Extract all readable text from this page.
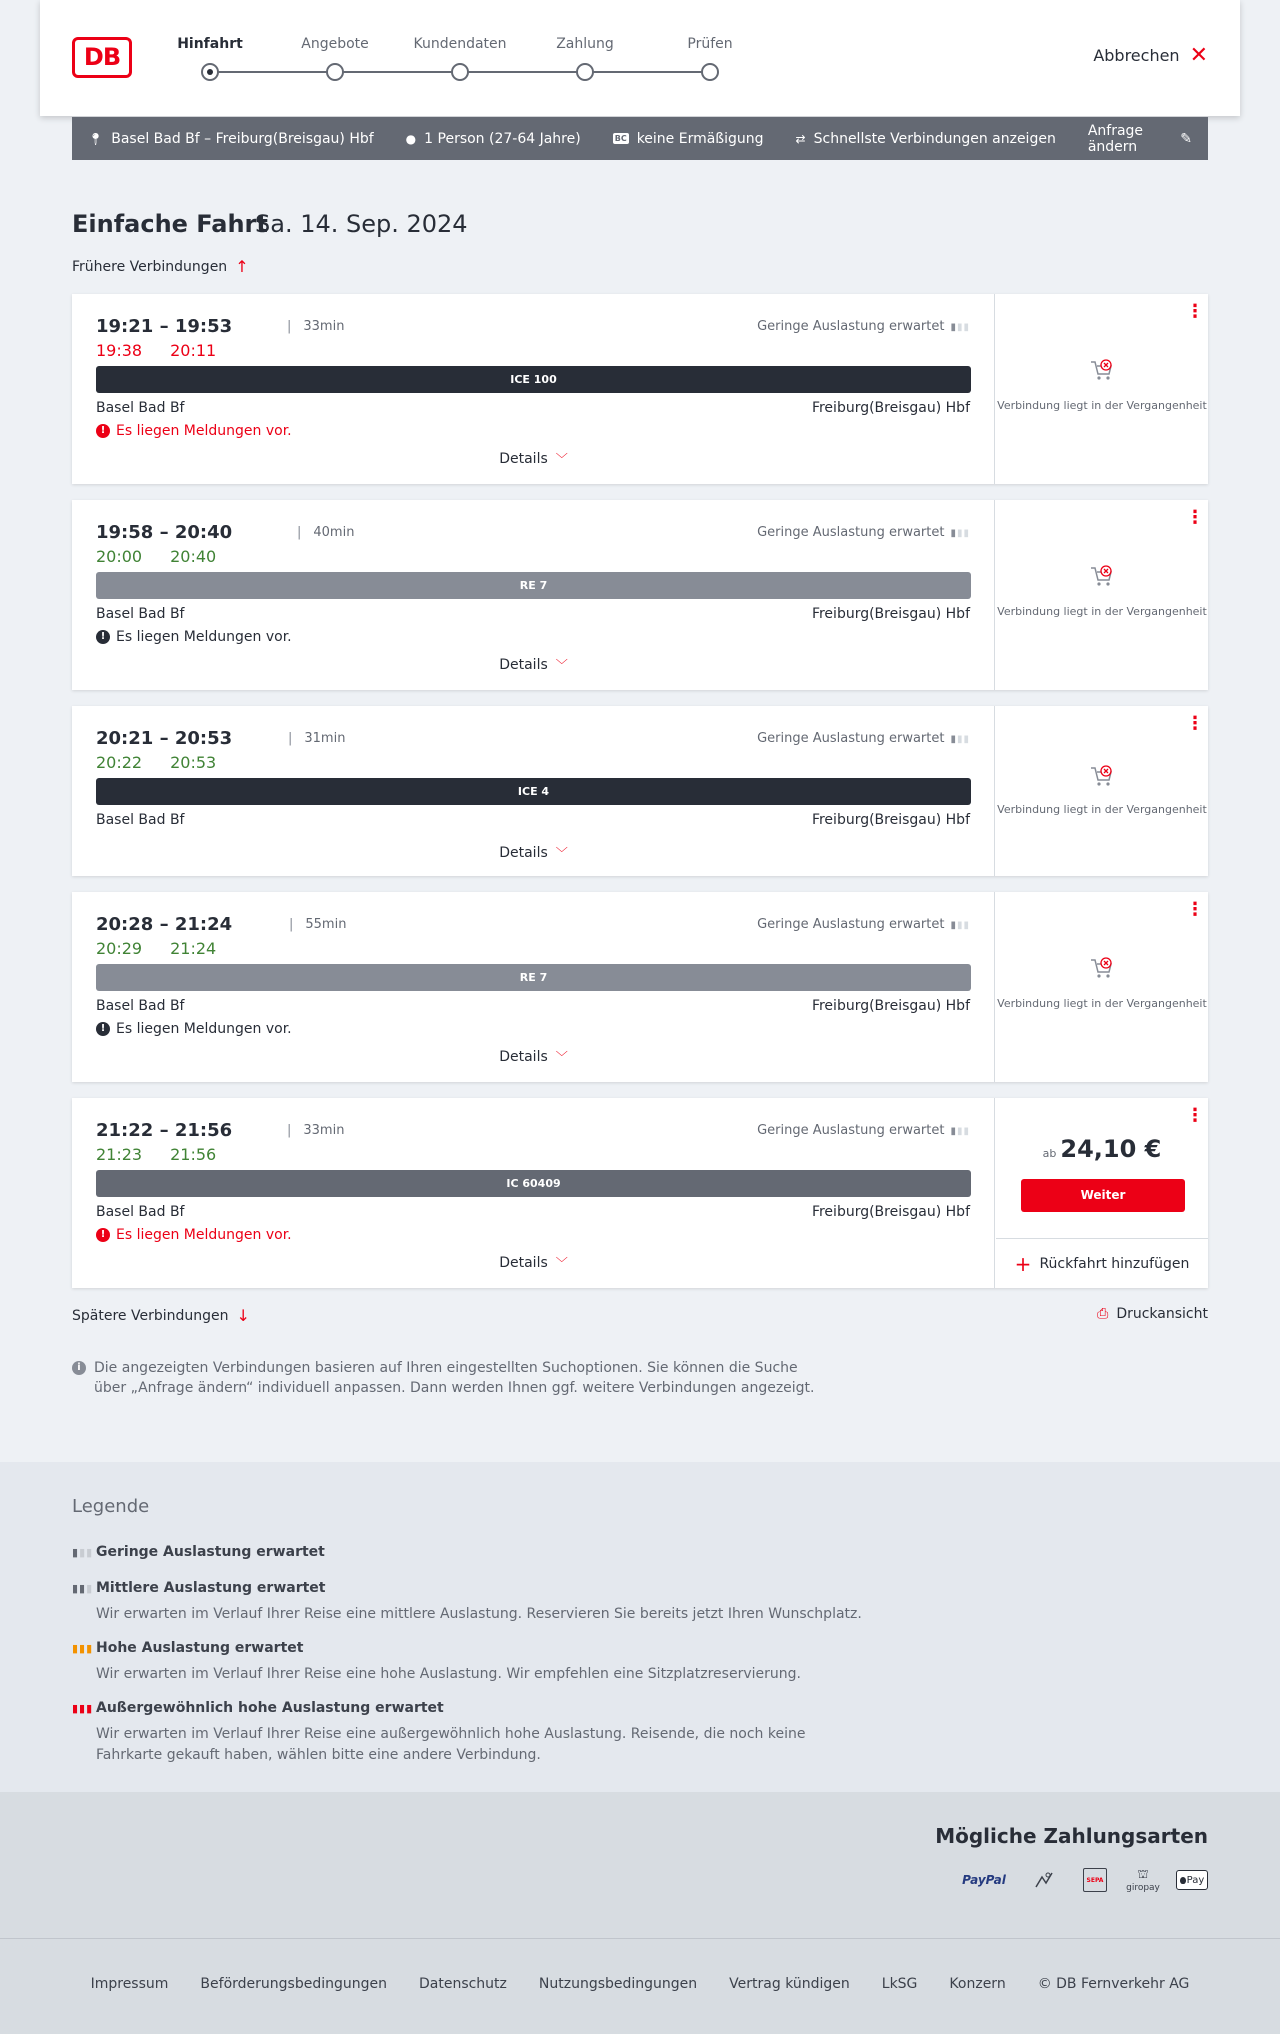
DB	Hinfahrt	Angebote	Kundendaten	Zahlung	Prüfen
Abbrechen ✕
📍︎ Basel Bad Bf – Freiburg(Breisgau) Hbf	● 1 Person (27-64 Jahre)	BC keine Ermäßigung	⇄ Schnellste Verbindungen anzeigen Anfrage ändern	✎
Einfache Fahrt
Sa. 14. Sep. 2024
Frühere Verbindungen ↑
19:21 – 19:53	| 33min
19:38 20:11
Geringe Auslastung erwartet ▮▮▮
ICE 100
Basel Bad Bf	Freiburg(Breisgau) Hbf
! Es liegen Meldungen vor.
Details ﹀
⋮
Verbindung liegt in der Vergangenheit
19:58 – 20:40	| 40min
20:00 20:40
Geringe Auslastung erwartet ▮▮▮
RE 7
Basel Bad Bf	Freiburg(Breisgau) Hbf
! Es liegen Meldungen vor.
Details ﹀
⋮
Verbindung liegt in der Vergangenheit
20:21 – 20:53	| 31min
20:22 20:53
Geringe Auslastung erwartet ▮▮▮
ICE 4
Basel Bad Bf	Freiburg(Breisgau) Hbf
Details ﹀
⋮
Verbindung liegt in der Vergangenheit
20:28 – 21:24	| 55min
20:29 21:24
Geringe Auslastung erwartet ▮▮▮
RE 7
Basel Bad Bf	Freiburg(Breisgau) Hbf
! Es liegen Meldungen vor.
Details ﹀
⋮
Verbindung liegt in der Vergangenheit
21:22 – 21:56	| 33min
21:23 21:56
Geringe Auslastung erwartet ▮▮▮
IC 60409
Basel Bad Bf	Freiburg(Breisgau) Hbf
! Es liegen Meldungen vor.
Details ﹀
⋮
ab 24,10 €
Weiter
+ Rückfahrt hinzufügen
Spätere Verbindungen ↓	⎙ Druckansicht
i Die angezeigten Verbindungen basieren auf Ihren eingestellten Suchoptionen. Sie können die Suche über „Anfrage ändern“ individuell anpassen. Dann werden Ihnen ggf. weitere Verbindungen angezeigt.
Legende
▮▮▮ Geringe Auslastung erwartet
▮▮▮ Mittlere Auslastung erwartet
Wir erwarten im Verlauf Ihrer Reise eine mittlere Auslastung. Reservieren Sie bereits jetzt Ihren Wunschplatz.
▮▮▮ Hohe Auslastung erwartet
Wir erwarten im Verlauf Ihrer Reise eine hohe Auslastung. Wir empfehlen eine Sitzplatzreservierung.
▮▮▮ Außergewöhnlich hohe Auslastung erwartet
Wir erwarten im Verlauf Ihrer Reise eine außergewöhnlich hohe Auslastung. Reisende, die noch keine Fahrkarte gekauft haben, wählen bitte eine andere Verbindung.
Mögliche Zahlungsarten
PayPal	SEPA	⛫
giropay
Pay
Impressum Beförderungsbedingungen Datenschutz Nutzungsbedingungen Vertrag kündigen LkSG Konzern © DB Fernverkehr AG
